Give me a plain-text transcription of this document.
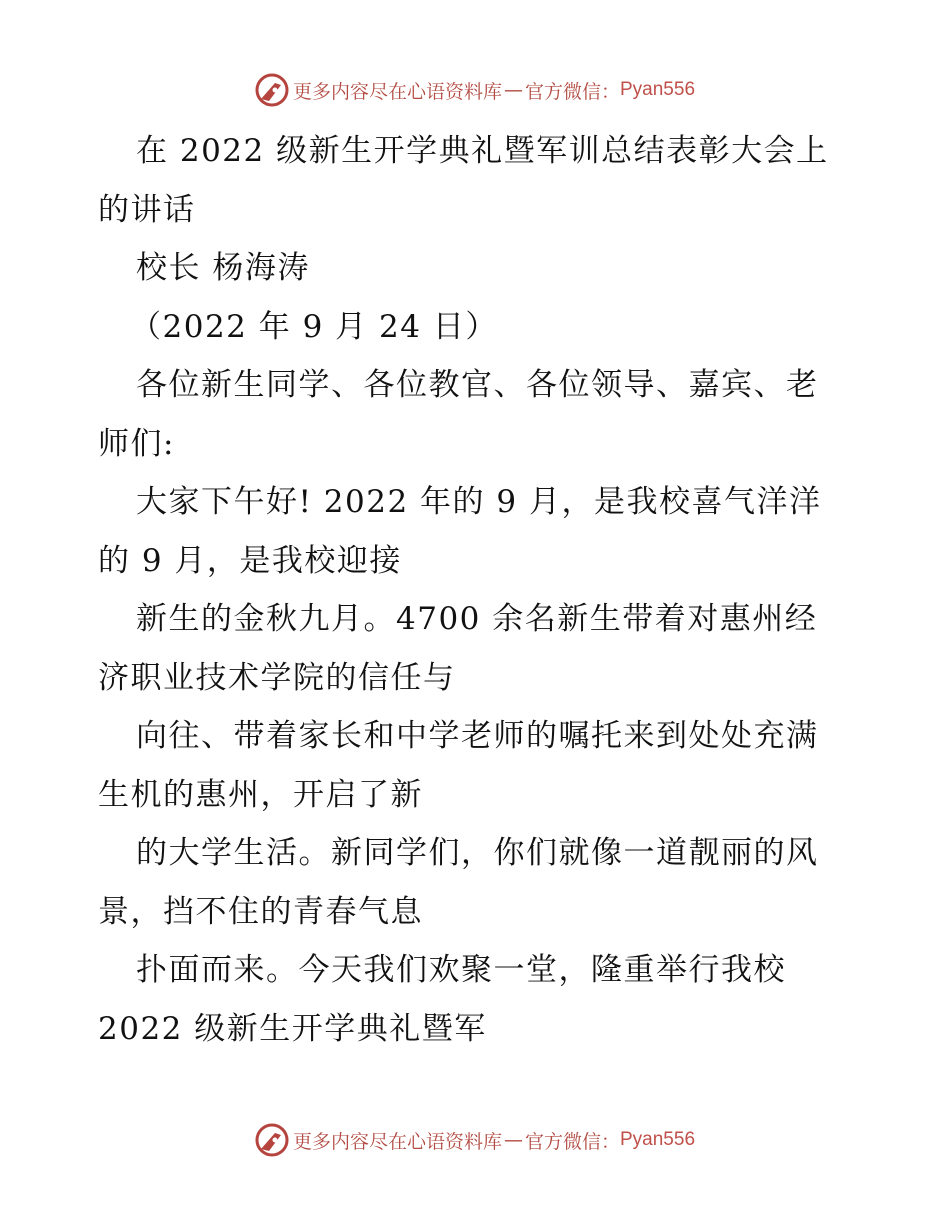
更多内容尽在心语资料库 — 官方微信： Pyan556
在 2022 级新生开学典礼暨军训总结表彰大会上
的讲话
校长 杨海涛
（2022 年 9 月 24 日）
各位新生同学、各位教官、各位领导、嘉宾、老
师们:
大家下午好! 2022 年的 9 月，是我校喜气洋洋
的 9 月，是我校迎接
新生的金秋九月。4700 余名新生带着对惠州经
济职业技术学院的信任与
向往、带着家长和中学老师的嘱托来到处处充满
生机的惠州，开启了新
的大学生活。新同学们，你们就像一道靓丽的风
景，挡不住的青春气息
扑面而来。今天我们欢聚一堂，隆重举行我校
2022 级新生开学典礼暨军
更多内容尽在心语资料库 — 官方微信： Pyan556
